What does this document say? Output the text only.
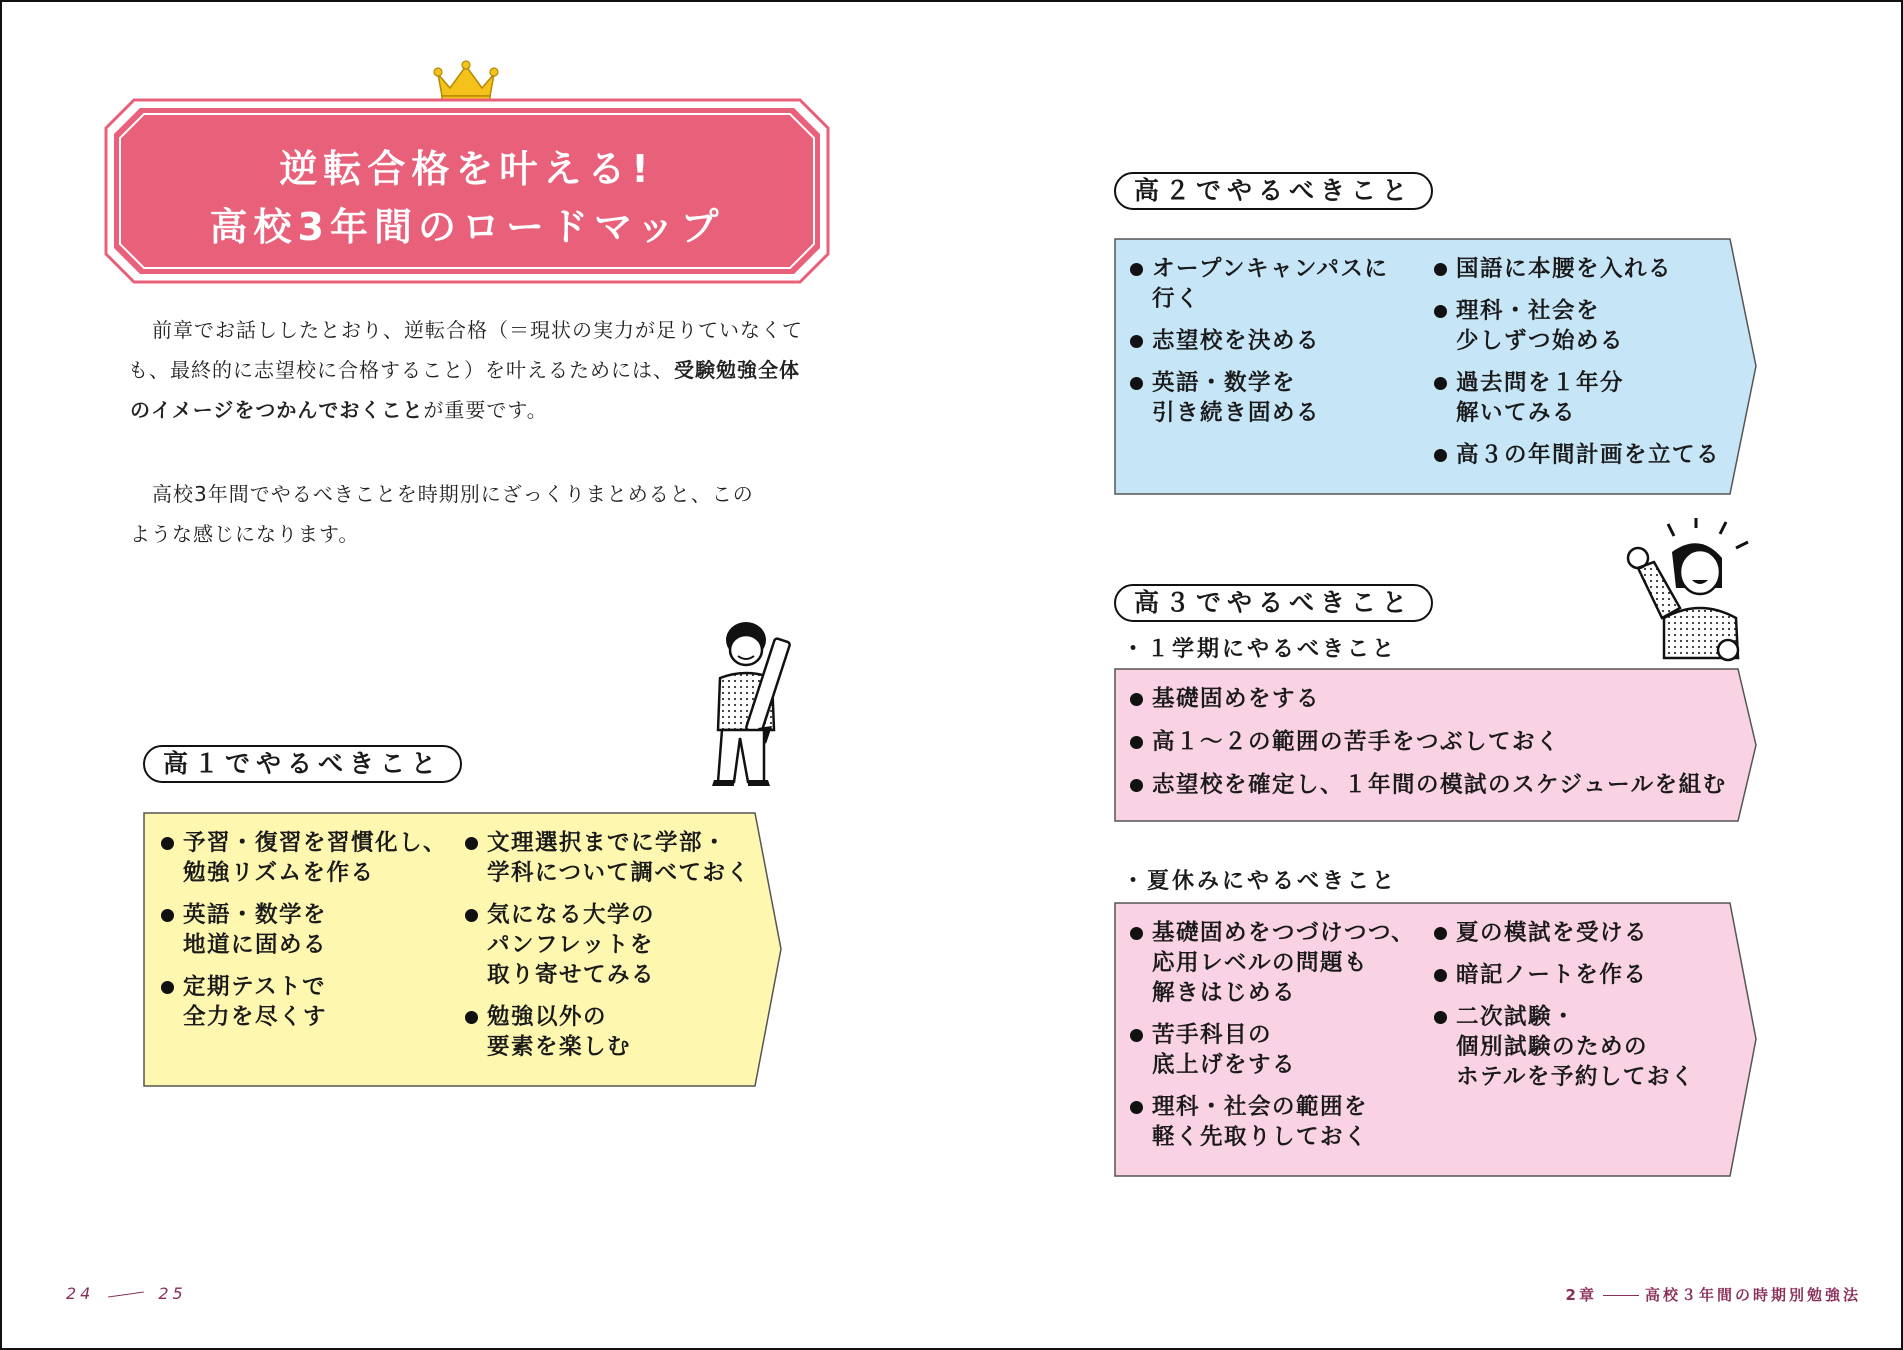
逆転合格を叶える!
高校3年間のロードマップ
前章でお話ししたとおり、逆転合格（＝現状の実力が足りていなくて
も、最終的に志望校に合格すること）を叶えるためには、受験勉強全体
のイメージをつかんでおくことが重要です。
高校3年間でやるべきことを時期別にざっくりまとめると、この
ような感じになります。
高１でやるべきこと
予習・復習を習慣化し、
勉強リズムを作る
英語・数学を
地道に固める
定期テストで
全力を尽くす
文理選択までに学部・
学科について調べておく
気になる大学の
パンフレットを
取り寄せてみる
勉強以外の
要素を楽しむ
高２でやるべきこと
オープンキャンパスに
行く
志望校を決める
英語・数学を
引き続き固める
国語に本腰を入れる
理科・社会を
少しずつ始める
過去問を１年分
解いてみる
高３の年間計画を立てる
高３でやるべきこと
・１学期にやるべきこと
基礎固めをする
高１～２の範囲の苦手をつぶしておく
志望校を確定し、１年間の模試のスケジュールを組む
・夏休みにやるべきこと
基礎固めをつづけつつ、
応用レベルの問題も
解きはじめる
苦手科目の
底上げをする
理科・社会の範囲を
軽く先取りしておく
夏の模試を受ける
暗記ノートを作る
二次試験・
個別試験のための
ホテルを予約しておく
24	25	2章	高校３年間の時期別勉強法
